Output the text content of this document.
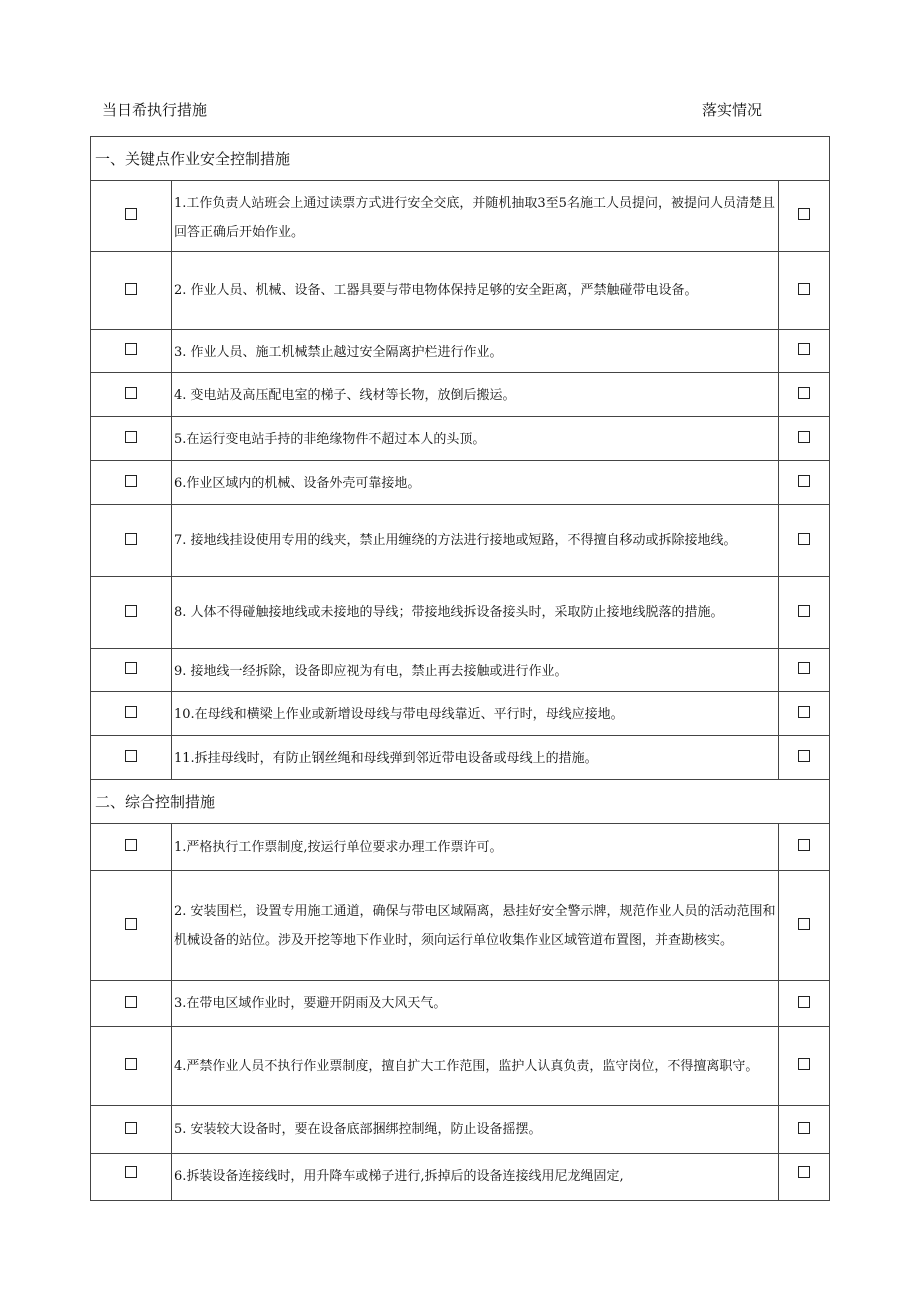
当日希执行措施	落实情况
一、关键点作业安全控制措施		
	1.工作负责人站班会上通过读票方式进行安全交底，并随机抽取3至5名施工人员提问，被提问人员清楚且回答正确后开始作业。	
	2. 作业人员、机械、设备、工器具要与带电物体保持足够的安全距离，严禁触碰带电设备。	
	3. 作业人员、施工机械禁止越过安全隔离护栏进行作业。	
	4. 变电站及高压配电室的梯子、线材等长物，放倒后搬运。	
	5.在运行变电站手持的非绝缘物件不超过本人的头顶。	
	6.作业区域内的机械、设备外壳可靠接地。	
	7. 接地线挂设使用专用的线夹，禁止用缠绕的方法进行接地或短路，不得擅自移动或拆除接地线。	
	8. 人体不得碰触接地线或未接地的导线；带接地线拆设备接头时，采取防止接地线脱落的措施。	
	9. 接地线一经拆除，设备即应视为有电，禁止再去接触或进行作业。	
	10.在母线和横梁上作业或新增设母线与带电母线靠近、平行时，母线应接地。	
	11.拆挂母线时，有防止钢丝绳和母线弹到邻近带电设备或母线上的措施。	
二、综合控制措施		
	1.严格执行工作票制度,按运行单位要求办理工作票许可。	
	2. 安装围栏，设置专用施工通道，确保与带电区域隔离，悬挂好安全警示牌，规范作业人员的活动范围和机械设备的站位。涉及开挖等地下作业时，须向运行单位收集作业区域管道布置图，并查勘核实。	
	3.在带电区域作业时，要避开阴雨及大风天气。	
	4.严禁作业人员不执行作业票制度，擅自扩大工作范围，监护人认真负责，监守岗位，不得擅离职守。	
	5. 安装较大设备时，要在设备底部捆绑控制绳，防止设备摇摆。	
	6.拆装设备连接线时，用升降车或梯子进行,拆掉后的设备连接线用尼龙绳固定,	
